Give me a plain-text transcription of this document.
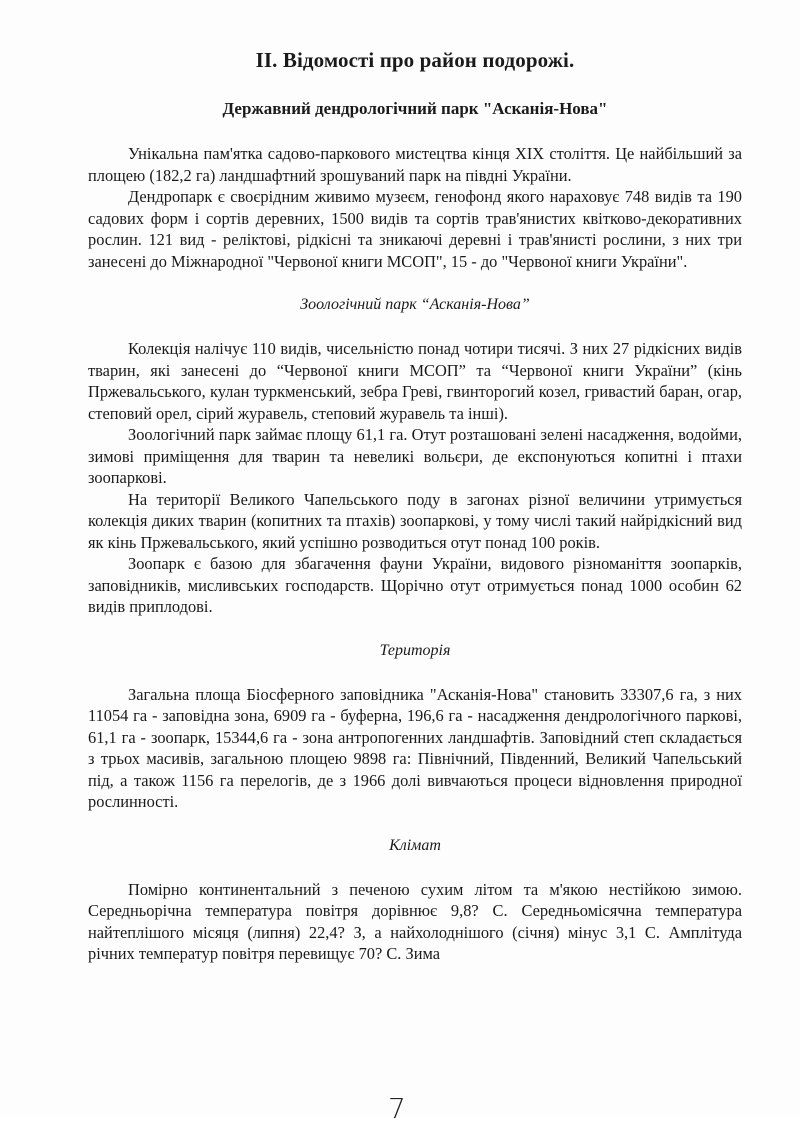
II. Відомості про район подорожі.
Державний дендрологічний парк "Асканія-Нова"

Унікальна пам'ятка садово-паркового мистецтва кінця XIX століття. Це найбільший за площею (182,2 га) ландшафтний зрошуваний парк на півдні України.

Дендропарк є своєрідним живимо музеєм, генофонд якого нараховує 748 видів та 190 садових форм і сортів деревних, 1500 видів та сортів трав'янистих квітково-декоративних рослин. 121 вид - реліктові, рідкісні та зникаючі деревні і трав'янисті рослини, з них три занесені до Міжнародної "Червоної книги МСОП", 15 - до "Червоної книги України".

Зоологічний парк “Асканія-Нова”

Колекція налічує 110 видів, чисельністю понад чотири тисячі. З них 27 рідкісних видів тварин, які занесені до “Червоної книги МСОП” та “Червоної книги України” (кінь Пржевальського, кулан туркменський, зебра Греві, гвинторогий козел, гривастий баран, огар, степовий орел, сірий журавель, степовий журавель та інші).

Зоологічний парк займає площу 61,1 га. Отут розташовані зелені насадження, водойми, зимові приміщення для тварин та невеликі вольєри, де експонуються копитні і птахи зоопаркові.

На території Великого Чапельського поду в загонах різної величини утримується колекція диких тварин (копитних та птахів) зоопаркові, у тому числі такий найрідкісний вид як кінь Пржевальського, який успішно розводиться отут понад 100 років.

Зоопарк є базою для збагачення фауни України, видового різноманіття зоопарків, заповідників, мисливських господарств. Щорічно отут отримується понад 1000 особин 62 видів приплодові.

Територія

Загальна площа Біосферного заповідника "Асканія-Нова" становить 33307,6 га, з них 11054 га - заповідна зона, 6909 га - буферна, 196,6 га - насадження дендрологічного паркові, 61,1 га - зоопарк, 15344,6 га - зона антропогенних ландшафтів. Заповідний степ складається з трьох масивів, загальною площею 9898 га: Північний, Південний, Великий Чапельський під, а також 1156 га перелогів, де з 1966 долі вивчаються процеси відновлення природної рослинності.

Клімат

Помірно континентальний з печеною сухим літом та м'якою нестійкою зимою. Середньорічна температура повітря дорівнює 9,8? С. Середньомісячна температура найтеплішого місяця (липня) 22,4? З, а найхолоднішого (січня) мінус 3,1 С. Амплітуда річних температур повітря перевищує 70? С. Зима

7
